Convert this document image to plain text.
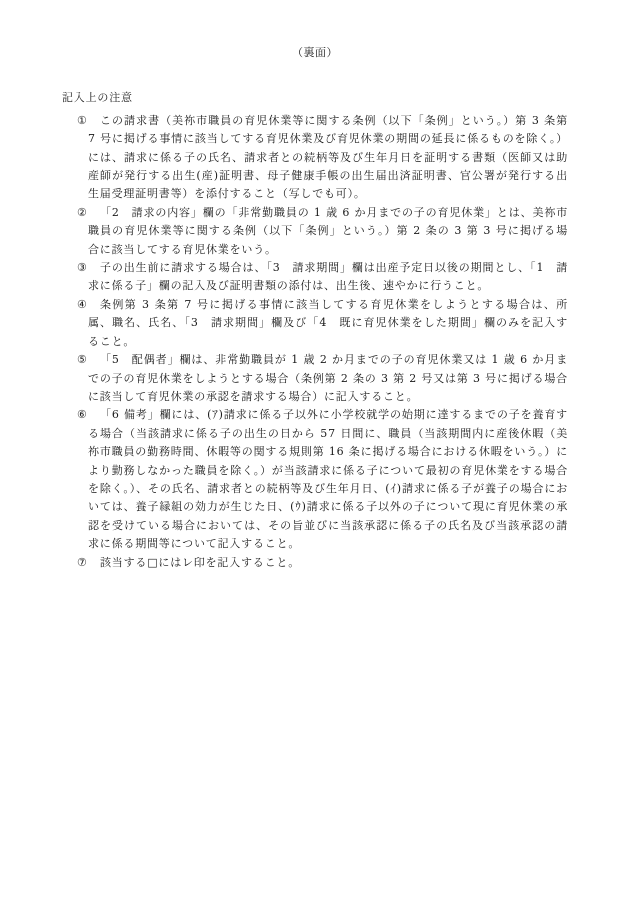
（裏面）
記入上の注意
① この請求書（美祢市職員の育児休業等に関する条例（以下「条例」という。）第 3 条第 7 号に掲げる事情に該当してする育児休業及び育児休業の期間の延長に係るものを除く。）には、請求に係る子の氏名、請求者との続柄等及び生年月日を証明する書類（医師又は助産師が発行する出生(産)証明書、母子健康手帳の出生届出済証明書、官公署が発行する出生届受理証明書等）を添付すること（写しでも可）。
② 「2　請求の内容」欄の「非常勤職員の 1 歳 6 か月までの子の育児休業」とは、美祢市職員の育児休業等に関する条例（以下「条例」という。）第 2 条の 3 第 3 号に掲げる場合に該当してする育児休業をいう。
③ 子の出生前に請求する場合は、「3　請求期間」欄は出産予定日以後の期間とし、「1　請求に係る子」欄の記入及び証明書類の添付は、出生後、速やかに行うこと。
④ 条例第 3 条第 7 号に掲げる事情に該当してする育児休業をしようとする場合は、所属、職名、氏名、「3　請求期間」欄及び「4　既に育児休業をした期間」欄のみを記入すること。
⑤ 「5　配偶者」欄は、非常勤職員が 1 歳 2 か月までの子の育児休業又は 1 歳 6 か月までの子の育児休業をしようとする場合（条例第 2 条の 3 第 2 号又は第 3 号に掲げる場合に該当して育児休業の承認を請求する場合）に記入すること。
⑥ 「6 備考」欄には、(ｱ)請求に係る子以外に小学校就学の始期に達するまでの子を養育する場合（当該請求に係る子の出生の日から 57 日間に、職員（当該期間内に産後休暇（美祢市職員の勤務時間、休暇等の関する規則第 16 条に掲げる場合における休暇をいう。）により勤務しなかった職員を除く。）が当該請求に係る子について最初の育児休業をする場合を除く。）、その氏名、請求者との続柄等及び生年月日、(ｲ)請求に係る子が養子の場合においては、養子縁組の効力が生じた日、(ｳ)請求に係る子以外の子について現に育児休業の承認を受けている場合においては、その旨並びに当該承認に係る子の氏名及び当該承認の請求に係る期間等について記入すること。
⑦ 該当する□にはレ印を記入すること。
